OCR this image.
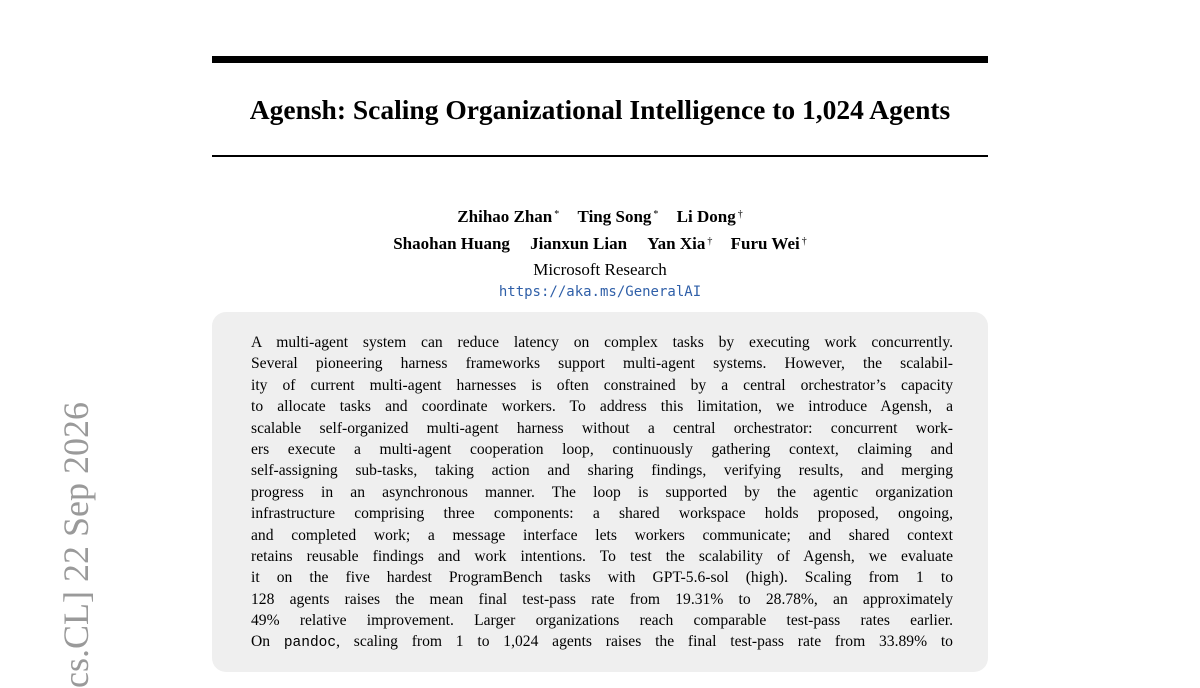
Agensh: Scaling Organizational Intelligence to 1,024 Agents
Zhihao Zhan * Ting Song * Li Dong †
Shaohan Huang Jianxun Lian Yan Xia † Furu Wei †
Microsoft Research
https://aka.ms/GeneralAI
A multi-agent system can reduce latency on complex tasks by executing work concurrently.
Several pioneering harness frameworks support multi-agent systems. However, the scalabil-
ity of current multi-agent harnesses is often constrained by a central orchestrator’s capacity
to allocate tasks and coordinate workers. To address this limitation, we introduce Agensh, a
scalable self-organized multi-agent harness without a central orchestrator: concurrent work-
ers execute a multi-agent cooperation loop, continuously gathering context, claiming and
self-assigning sub-tasks, taking action and sharing findings, verifying results, and merging
progress in an asynchronous manner. The loop is supported by the agentic organization
infrastructure comprising three components: a shared workspace holds proposed, ongoing,
and completed work; a message interface lets workers communicate; and shared context
retains reusable findings and work intentions. To test the scalability of Agensh, we evaluate
it on the five hardest ProgramBench tasks with GPT-5.6-sol (high). Scaling from 1 to
128 agents raises the mean final test-pass rate from 19.31% to 28.78%, an approximately
49% relative improvement. Larger organizations reach comparable test-pass rates earlier.
On pandoc, scaling from 1 to 1,024 agents raises the final test-pass rate from 33.89% to
cs.CL] 22 Sep 2026
